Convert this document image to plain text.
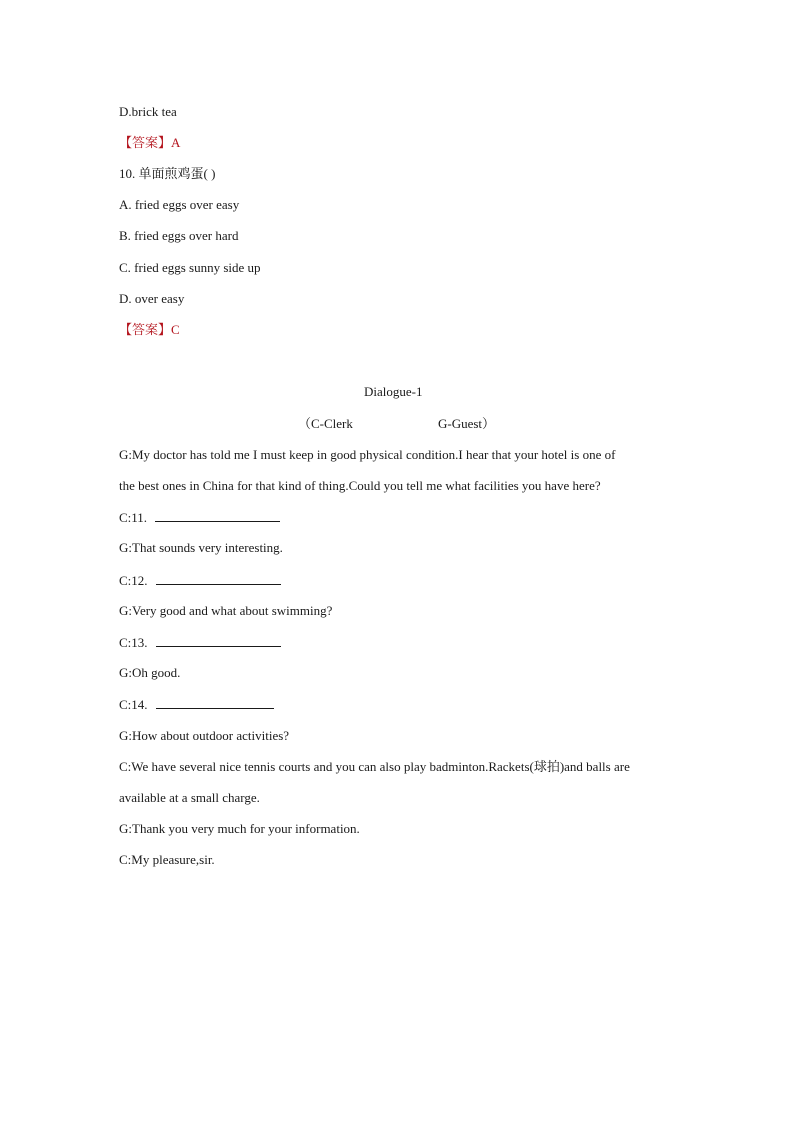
D.brick tea
【答案】A
10. 单面煎鸡蛋( )
A. fried eggs over easy
B. fried eggs over hard
C. fried eggs sunny side up
D. over easy
【答案】C
Dialogue-1
（C-Clerk	G-Guest）
G:My doctor has told me I must keep in good physical condition.I hear that your hotel is one of
the best ones in China for that kind of thing.Could you tell me what facilities you have here?
C:11.
G:That sounds very interesting.
C:12.
G:Very good and what about swimming?
C:13.
G:Oh good.
C:14.
G:How about outdoor activities?
C:We have several nice tennis courts and you can also play badminton.Rackets(球拍)and balls are
available at a small charge.
G:Thank you very much for your information.
C:My pleasure,sir.
